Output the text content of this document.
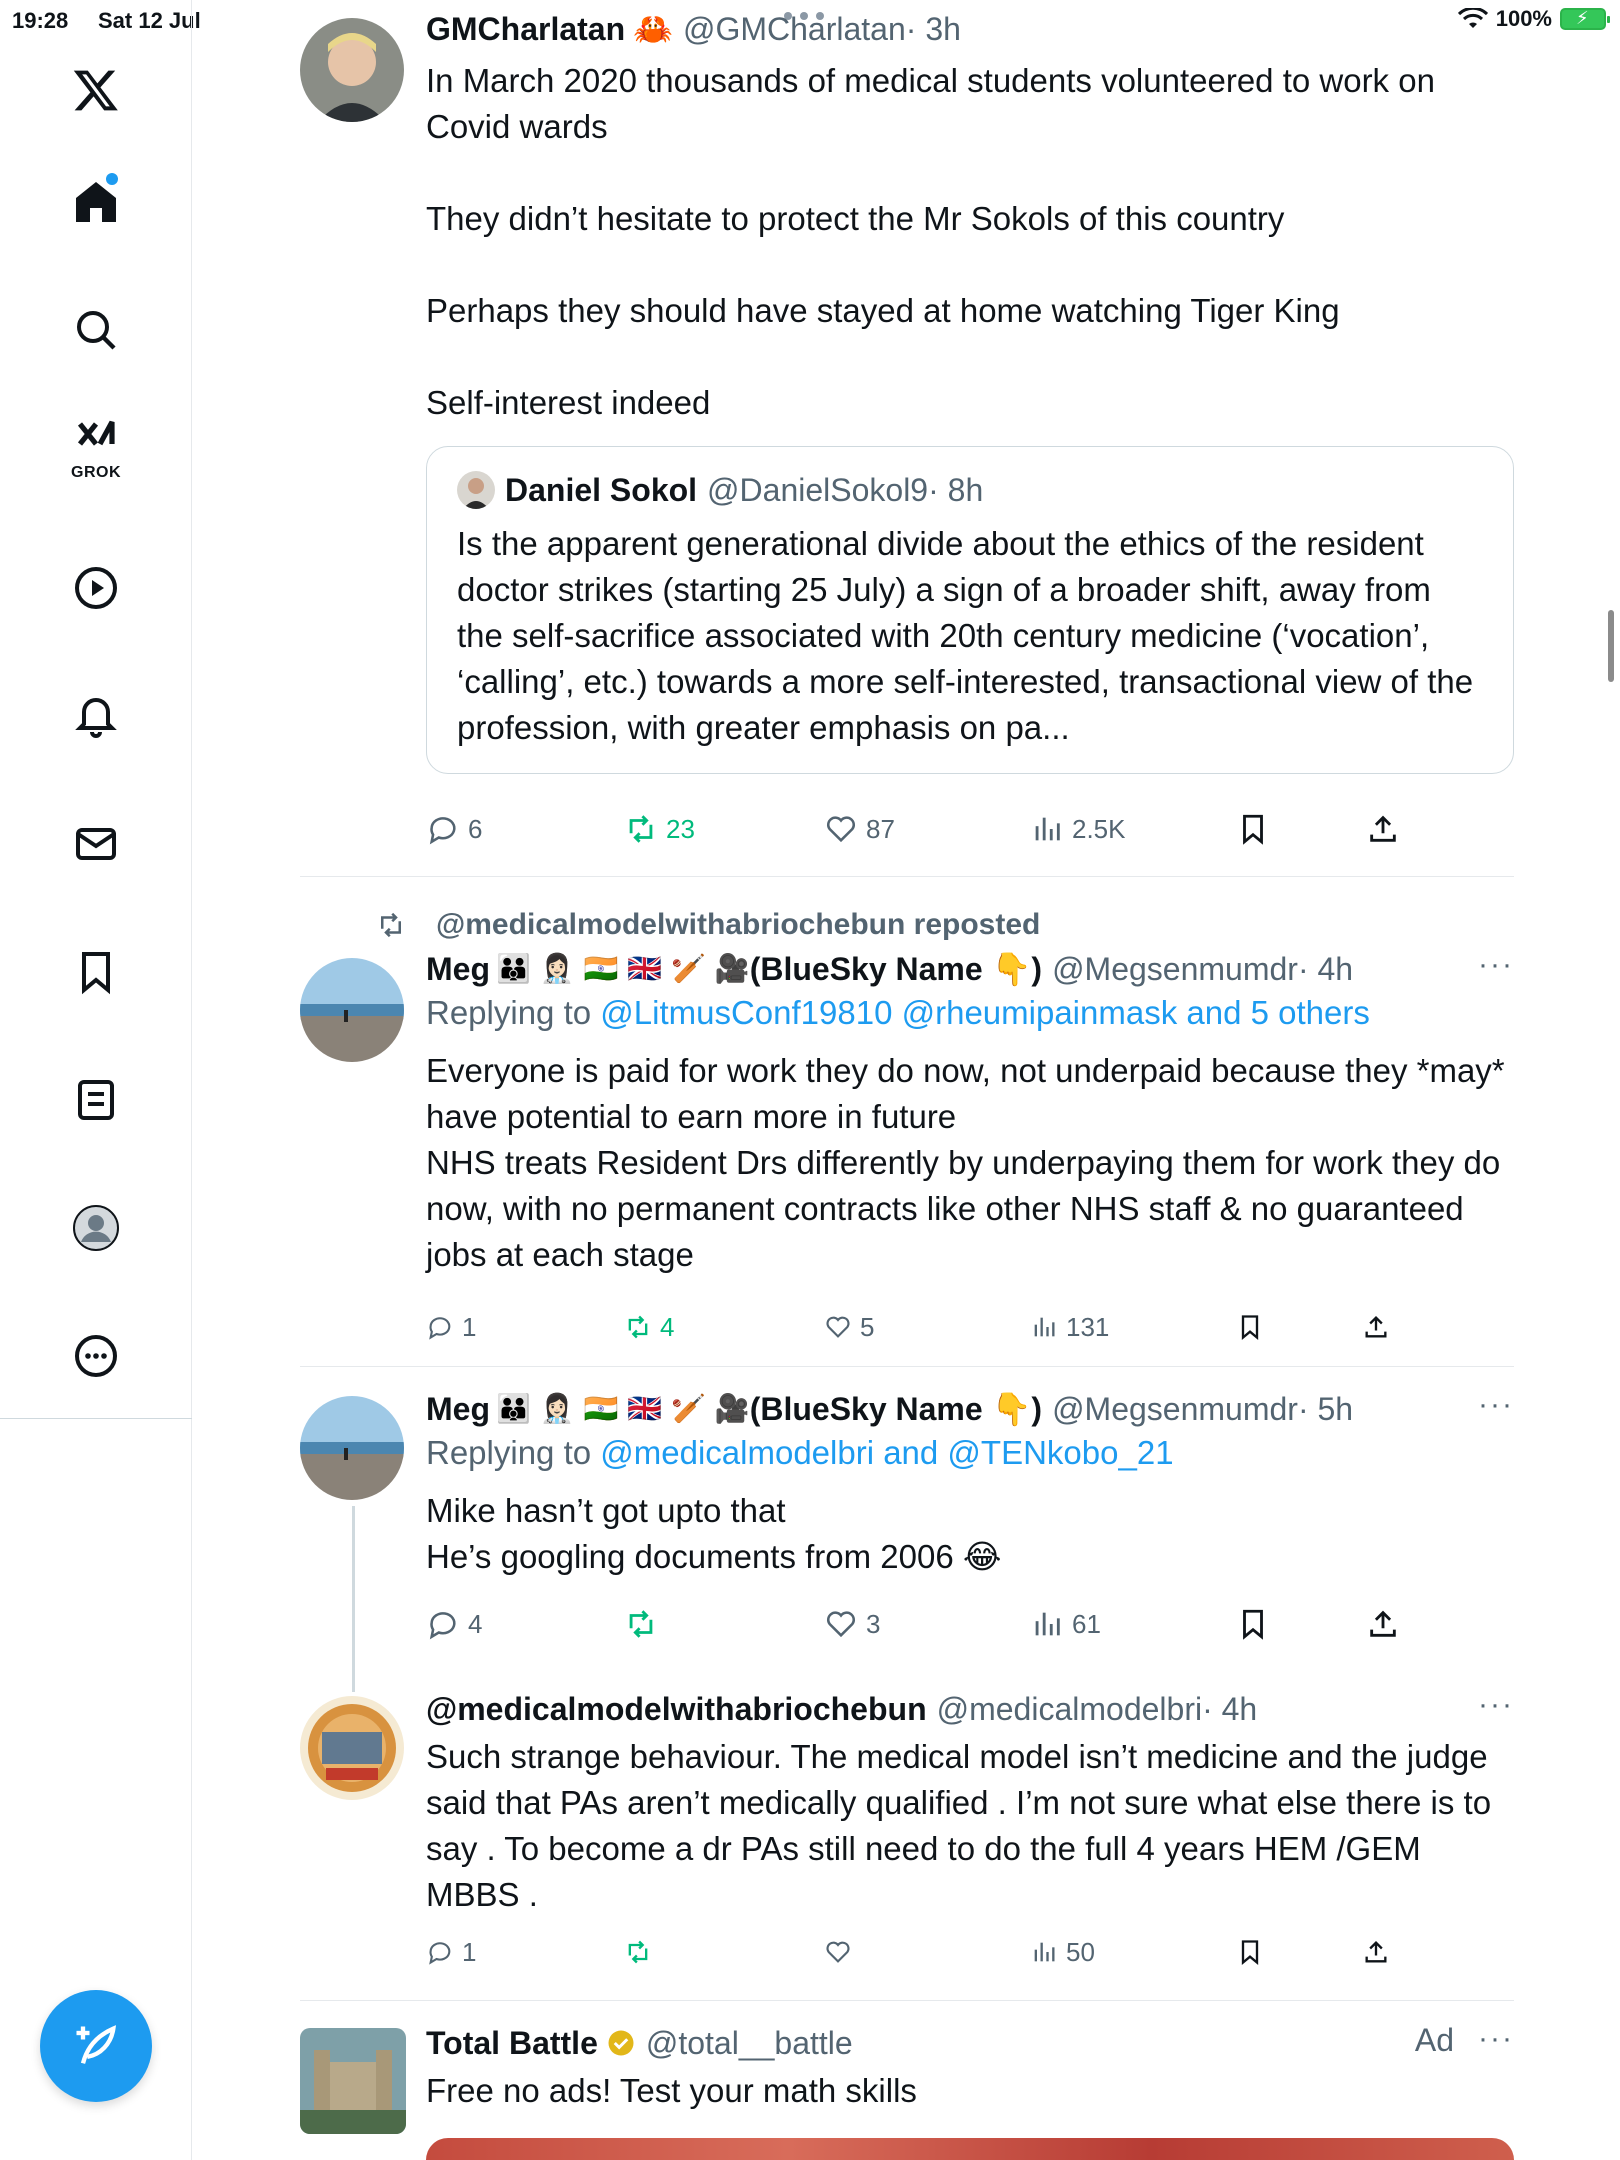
19:28 Sat 12 Jul	100% ⚡
GROK
GMCharlatan 🦀 @GMCharlatan · 3h
In March 2020 thousands of medical students volunteered to work on Covid wards

They didn’t hesitate to protect the Mr Sokols of this country

Perhaps they should have stayed at home watching Tiger King

Self-interest indeed
Daniel Sokol @DanielSokol9 · 8h
Is the apparent generational divide about the ethics of the resident doctor strikes (starting 25 July) a sign of a broader shift, away from the self-sacrifice associated with 20th century medicine (‘vocation’, ‘calling’, etc.) towards a more self-interested, transactional view of the profession, with greater emphasis on pa...
6	23	87	2.5K
@medicalmodelwithabriochebun reposted
Meg 👪 👩🏻‍⚕️ 🇮🇳 🇬🇧 🏏 🎥 (BlueSky Name 👇) @Megsenmumdr · 4h	···
Replying to @LitmusConf19810 @rheumipainmask and 5 others
Everyone is paid for work they do now, not underpaid because they *may* have potential to earn more in future
NHS treats Resident Drs differently by underpaying them for work they do now, with no permanent contracts like other NHS staff & no guaranteed jobs at each stage
1	4	5	131
Meg 👪 👩🏻‍⚕️ 🇮🇳 🇬🇧 🏏 🎥 (BlueSky Name 👇) @Megsenmumdr · 5h	···
Replying to @medicalmodelbri and @TENkobo_21
Mike hasn’t got upto that
He’s googling documents from 2006 😂
4	3	61
@medicalmodelwithabriochebun @medicalmodelbri · 4h	···
Such strange behaviour. The medical model isn’t medicine and the judge said that PAs aren’t medically qualified . I’m not sure what else there is to say . To become a dr PAs still need to do the full 4 years HEM /GEM MBBS .
1	50
Total Battle @total__battle	Ad ···
Free no ads! Test your math skills
